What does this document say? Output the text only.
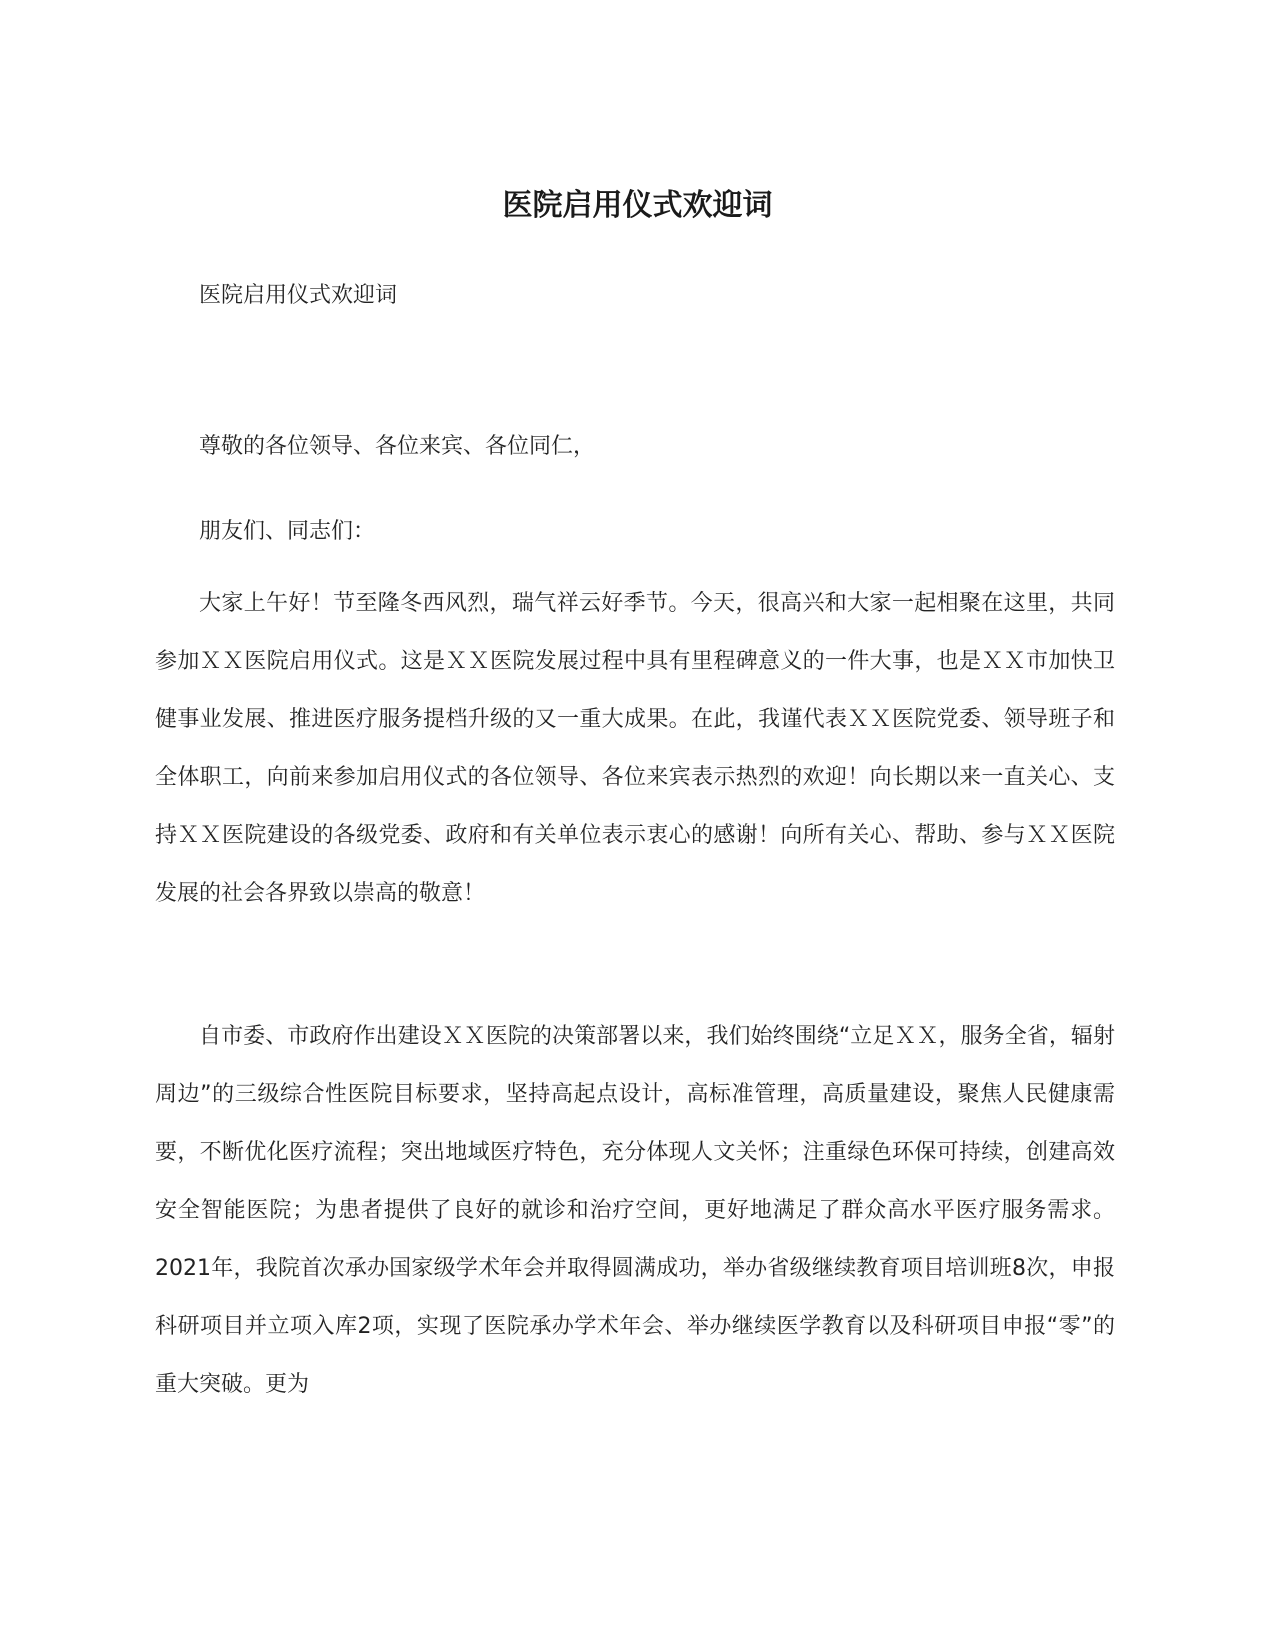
医院启用仪式欢迎词

医院启用仪式欢迎词

尊敬的各位领导、各位来宾、各位同仁，

朋友们、同志们：

大家上午好！节至隆冬西风烈，瑞气祥云好季节。今天，很高兴和大家一起相聚在这里，共同参加ＸＸ医院启用仪式。这是ＸＸ医院发展过程中具有里程碑意义的一件大事，也是ＸＸ市加快卫健事业发展、推进医疗服务提档升级的又一重大成果。在此，我谨代表ＸＸ医院党委、领导班子和全体职工，向前来参加启用仪式的各位领导、各位来宾表示热烈的欢迎！向长期以来一直关心、支持ＸＸ医院建设的各级党委、政府和有关单位表示衷心的感谢！向所有关心、帮助、参与ＸＸ医院发展的社会各界致以崇高的敬意！

自市委、市政府作出建设ＸＸ医院的决策部署以来，我们始终围绕“立足ＸＸ，服务全省，辐射周边”的三级综合性医院目标要求，坚持高起点设计，高标准管理，高质量建设，聚焦人民健康需要，不断优化医疗流程；突出地域医疗特色，充分体现人文关怀；注重绿色环保可持续，创建高效安全智能医院；为患者提供了良好的就诊和治疗空间，更好地满足了群众高水平医疗服务需求。2021年，我院首次承办国家级学术年会并取得圆满成功，举办省级继续教育项目培训班8次，申报科研项目并立项入库2项，实现了医院承办学术年会、举办继续医学教育以及科研项目申报“零”的重大突破。更为
